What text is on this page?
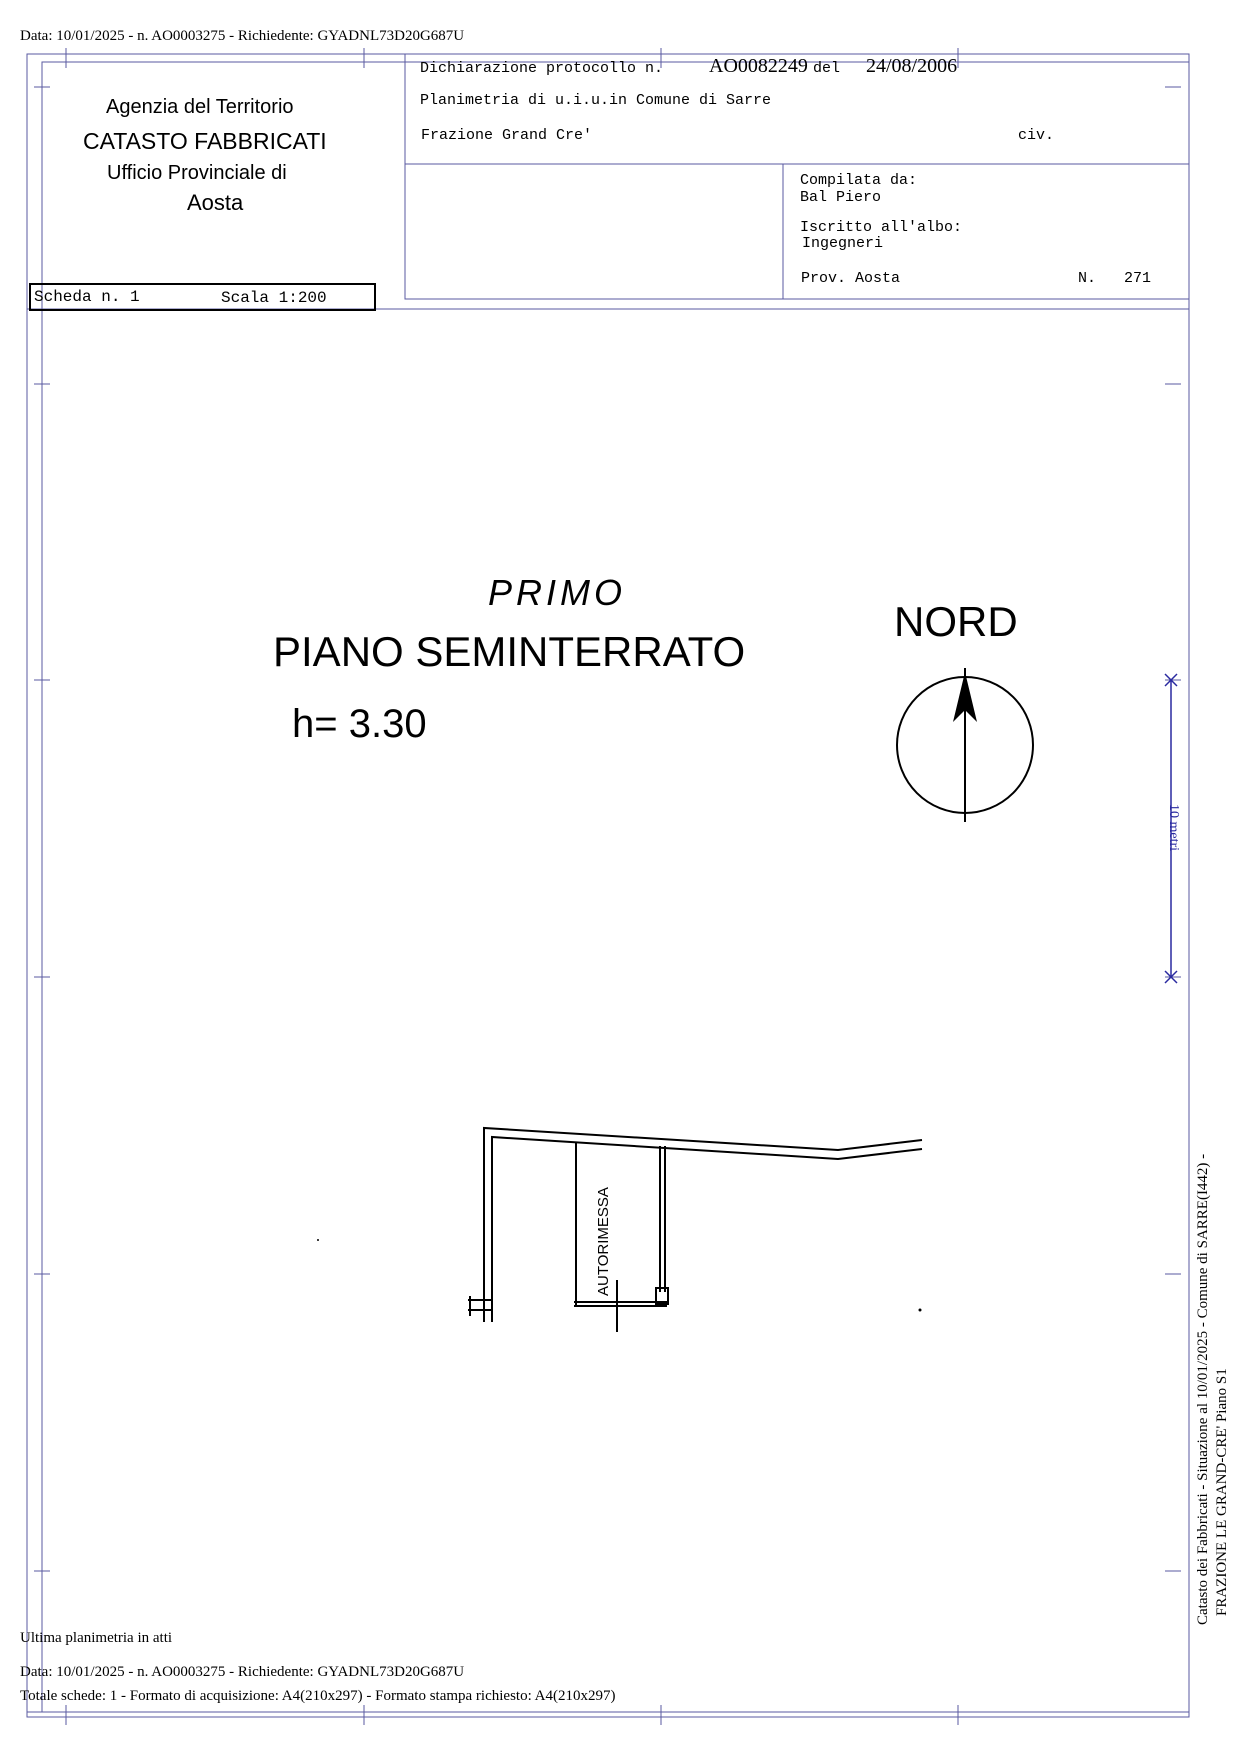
Data: 10/01/2025 - n. AO0003275 - Richiedente: GYADNL73D20G687U
Agenzia del Territorio
CATASTO FABBRICATI
Ufficio Provinciale di
Aosta
Scheda n. 1	Scala 1:200
Dichiarazione protocollo n. AO0082249 del 24/08/2006
Planimetria di u.i.u.in Comune di Sarre
Frazione Grand Cre'	civ.
Compilata da:
Bal Piero
Iscritto all'albo:
Ingegneri
Prov. Aosta	N. 271
PRIMO
PIANO SEMINTERRATO
h= 3.30
NORD
AUTORIMESSA
10 metri
Catasto dei Fabbricati - Situazione al 10/01/2025 - Comune di SARRE(I442) - FRAZIONE LE GRAND-CRE' Piano S1
Ultima planimetria in atti
Data: 10/01/2025 - n. AO0003275 - Richiedente: GYADNL73D20G687U
Totale schede: 1 - Formato di acquisizione: A4(210x297) - Formato stampa richiesto: A4(210x297)
